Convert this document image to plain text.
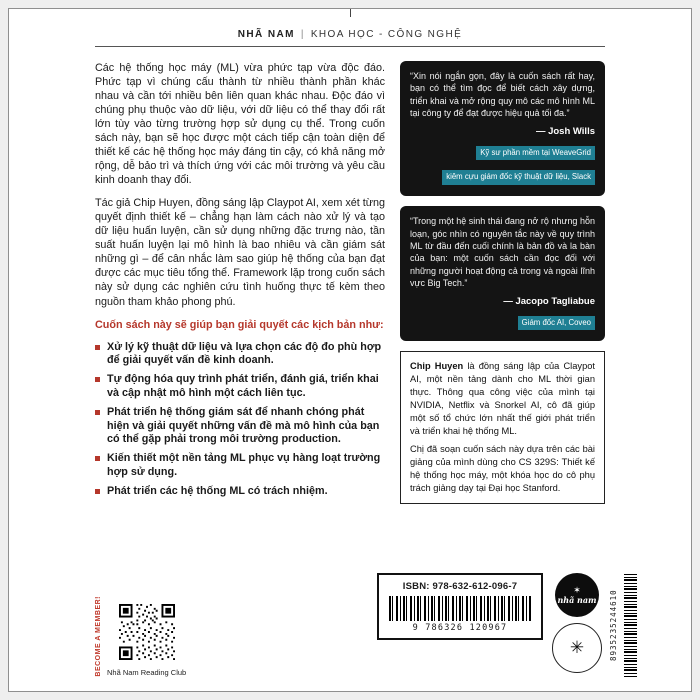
NHÃ NAM | KHOA HỌC - CÔNG NGHỆ

Các hệ thống học máy (ML) vừa phức tạp vừa độc đáo. Phức tạp vì chúng cấu thành từ nhiều thành phần khác nhau và cần tới nhiều bên liên quan khác nhau. Độc đáo vì chúng phụ thuộc vào dữ liệu, với dữ liệu có thể thay đổi rất lớn tùy vào từng trường hợp sử dụng cụ thể. Trong cuốn sách này, bạn sẽ học được một cách tiếp cận toàn diện để thiết kế các hệ thống học máy đáng tin cậy, có khả năng mở rộng, dễ bảo trì và thích ứng với các môi trường và yêu cầu kinh doanh thay đổi.

Tác giả Chip Huyen, đồng sáng lập Claypot AI, xem xét từng quyết định thiết kế – chẳng hạn làm cách nào xử lý và tạo dữ liệu huấn luyện, cần sử dụng những đặc trưng nào, tần suất huấn luyện lại mô hình là bao nhiêu và cần giám sát những gì – để cân nhắc làm sao giúp hệ thống của bạn đạt được các mục tiêu tổng thể. Framework lặp trong cuốn sách này sử dụng các nghiên cứu tình huống thực tế kèm theo nguồn tham khảo phong phú.

Cuốn sách này sẽ giúp bạn giải quyết các kịch bản như:

Xử lý kỹ thuật dữ liệu và lựa chọn các độ đo phù hợp để giải quyết vấn đề kinh doanh.
Tự động hóa quy trình phát triển, đánh giá, triển khai và cập nhật mô hình một cách liên tục.
Phát triển hệ thống giám sát để nhanh chóng phát hiện và giải quyết những vấn đề mà mô hình của bạn có thể gặp phải trong môi trường production.
Kiến thiết một nền tảng ML phục vụ hàng loạt trường hợp sử dụng.
Phát triển các hệ thống ML có trách nhiệm.

“Xin nói ngắn gọn, đây là cuốn sách rất hay, bạn có thể tìm đọc để biết cách xây dựng, triển khai và mở rộng quy mô các mô hình ML tại công ty để đạt được hiệu quả tối đa.”

— Josh Wills

Kỹ sư phần mềm tại WeaveGrid
kiêm cựu giám đốc kỹ thuật dữ liệu, Slack

“Trong một hệ sinh thái đang nở rộ nhưng hỗn loạn, góc nhìn có nguyên tắc này về quy trình ML từ đầu đến cuối chính là bản đồ và la bàn của bạn: một cuốn sách cần đọc đối với những người hoạt động cả trong và ngoài lĩnh vực Big Tech.”

— Jacopo Tagliabue

Giám đốc AI, Coveo

Chip Huyen là đồng sáng lập của Claypot AI, một nền tảng dành cho ML thời gian thực. Thông qua công việc của mình tại NVIDIA, Netflix và Snorkel AI, cô đã giúp một số tổ chức lớn nhất thế giới phát triển và triển khai hệ thống ML.

Chị đã soạn cuốn sách này dựa trên các bài giảng của mình dùng cho CS 329S: Thiết kế hệ thống học máy, một khóa học do cô phụ trách giảng dạy tại Đại học Stanford.

BECOME A MEMBER! Nhã Nam Reading Club
ISBN: 978-632-612-096-7
9 786326 120967
✶
nhã nam
✳	8935235244610
